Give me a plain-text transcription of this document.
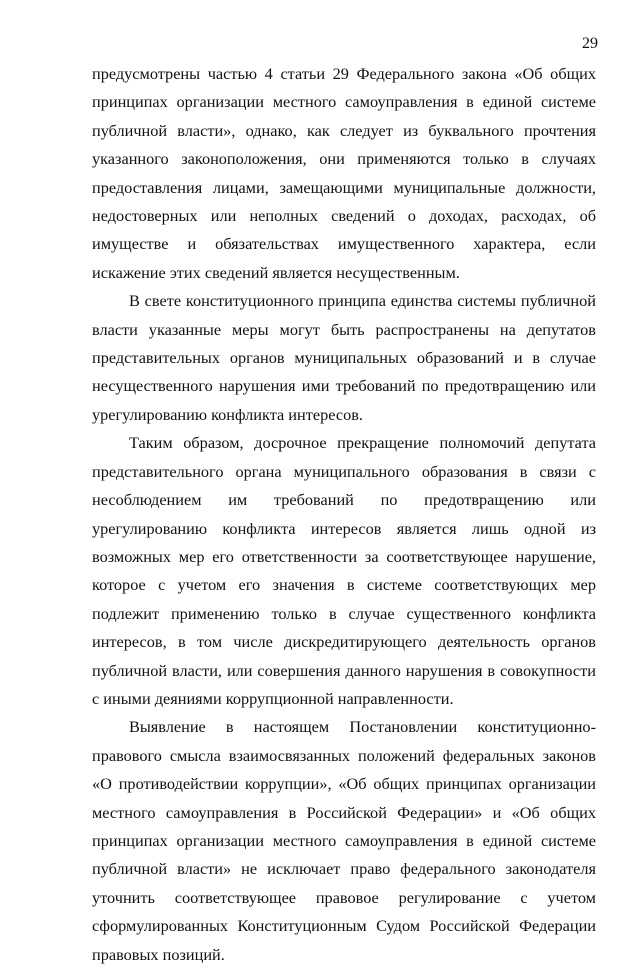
29

предусмотрены частью 4 статьи 29 Федерального закона «Об общих принципах организации местного самоуправления в единой системе публичной власти», однако, как следует из буквального прочтения указанного законоположения, они применяются только в случаях предоставления лицами, замещающими муниципальные должности, недостоверных или неполных сведений о доходах, расходах, об имуществе и обязательствах имущественного характера, если искажение этих сведений является несущественным.

В свете конституционного принципа единства системы публичной власти указанные меры могут быть распространены на депутатов представительных органов муниципальных образований и в случае несущественного нарушения ими требований по предотвращению или урегулированию конфликта интересов.

Таким образом, досрочное прекращение полномочий депутата представительного органа муниципального образования в связи с несоблюдением им требований по предотвращению или урегулированию конфликта интересов является лишь одной из возможных мер его ответственности за соответствующее нарушение, которое с учетом его значения в системе соответствующих мер подлежит применению только в случае существенного конфликта интересов, в том числе дискредитирующего деятельность органов публичной власти, или совершения данного нарушения в совокупности с иными деяниями коррупционной направленности.

Выявление в настоящем Постановлении конституционно-правового смысла взаимосвязанных положений федеральных законов «О противодействии коррупции», «Об общих принципах организации местного самоуправления в Российской Федерации» и «Об общих принципах организации местного самоуправления в единой системе публичной власти» не исключает право федерального законодателя уточнить соответствующее правовое регулирование с учетом сформулированных Конституционным Судом Российской Федерации правовых позиций.
